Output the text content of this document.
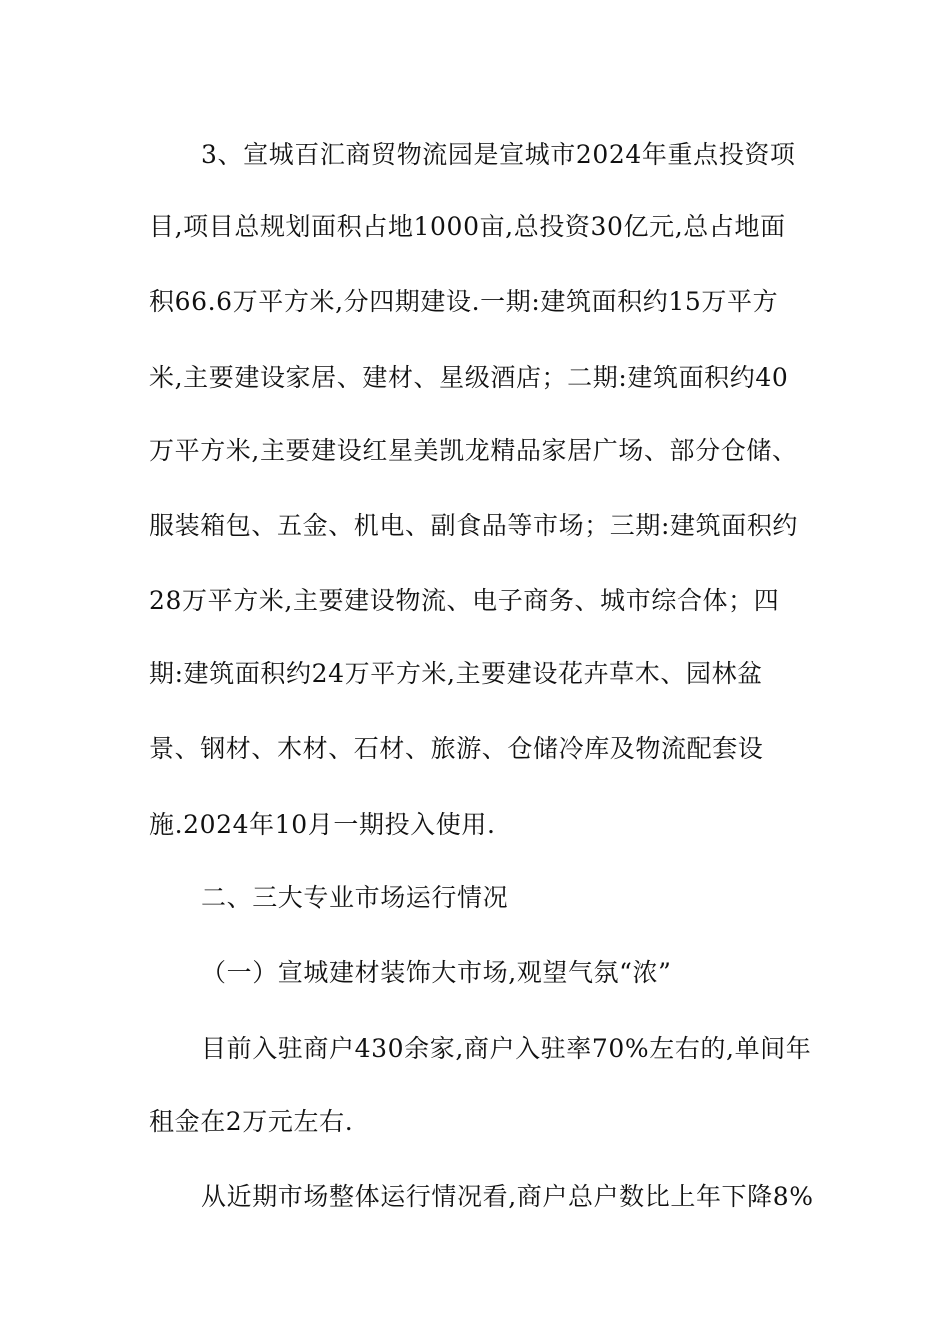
3、宣城百汇商贸物流园是宣城市2024年重点投资项
目,项目总规划面积占地1000亩,总投资30亿元,总占地面
积66.6万平方米,分四期建设.一期:建筑面积约15万平方
米,主要建设家居、建材、星级酒店；二期:建筑面积约40
万平方米,主要建设红星美凯龙精品家居广场、部分仓储、
服装箱包、五金、机电、副食品等市场；三期:建筑面积约
28万平方米,主要建设物流、电子商务、城市综合体；四
期:建筑面积约24万平方米,主要建设花卉草木、园林盆
景、钢材、木材、石材、旅游、仓储冷库及物流配套设
施.2024年10月一期投入使用.
二、三大专业市场运行情况
（一）宣城建材装饰大市场,观望气氛“浓”
目前入驻商户430余家,商户入驻率70%左右的,单间年
租金在2万元左右.
从近期市场整体运行情况看,商户总户数比上年下降8%
